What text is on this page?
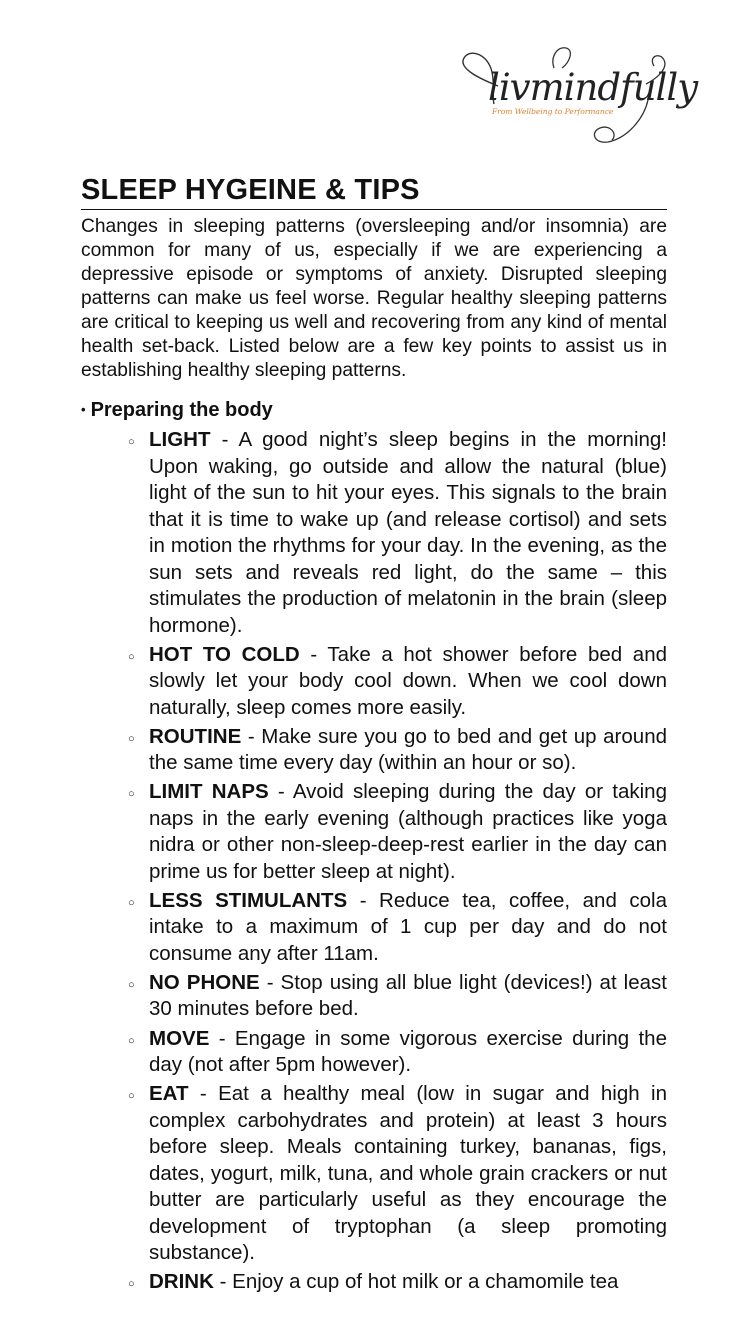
livmindfully
From Wellbeing to Performance
SLEEP HYGEINE & TIPS

Changes in sleeping patterns (oversleeping and/or insomnia) are common for many of us, especially if we are experiencing a depressive episode or symptoms of anxiety. Disrupted sleeping patterns can make us feel worse. Regular healthy sleeping patterns are critical to keeping us well and recovering from any kind of mental health set-back. Listed below are a few key points to assist us in establishing healthy sleeping patterns.

• Preparing the body
○ LIGHT - A good night’s sleep begins in the morning! Upon waking, go outside and allow the natural (blue) light of the sun to hit your eyes. This signals to the brain that it is time to wake up (and release cortisol) and sets in motion the rhythms for your day. In the evening, as the sun sets and reveals red light, do the same – this stimulates the production of melatonin in the brain (sleep hormone).
○ HOT TO COLD - Take a hot shower before bed and slowly let your body cool down. When we cool down naturally, sleep comes more easily.
○ ROUTINE - Make sure you go to bed and get up around the same time every day (within an hour or so).
○ LIMIT NAPS - Avoid sleeping during the day or taking naps in the early evening (although practices like yoga nidra or other non-sleep-deep-rest earlier in the day can prime us for better sleep at night).
○ LESS STIMULANTS - Reduce tea, coffee, and cola intake to a maximum of 1 cup per day and do not consume any after 11am.
○ NO PHONE - Stop using all blue light (devices!) at least 30 minutes before bed.
○ MOVE - Engage in some vigorous exercise during the day (not after 5pm however).
○ EAT - Eat a healthy meal (low in sugar and high in complex carbohydrates and protein) at least 3 hours before sleep. Meals containing turkey, bananas, figs, dates, yogurt, milk, tuna, and whole grain crackers or nut butter are particularly useful as they encourage the development of tryptophan (a sleep promoting substance).
○ DRINK - Enjoy a cup of hot milk or a chamomile tea
